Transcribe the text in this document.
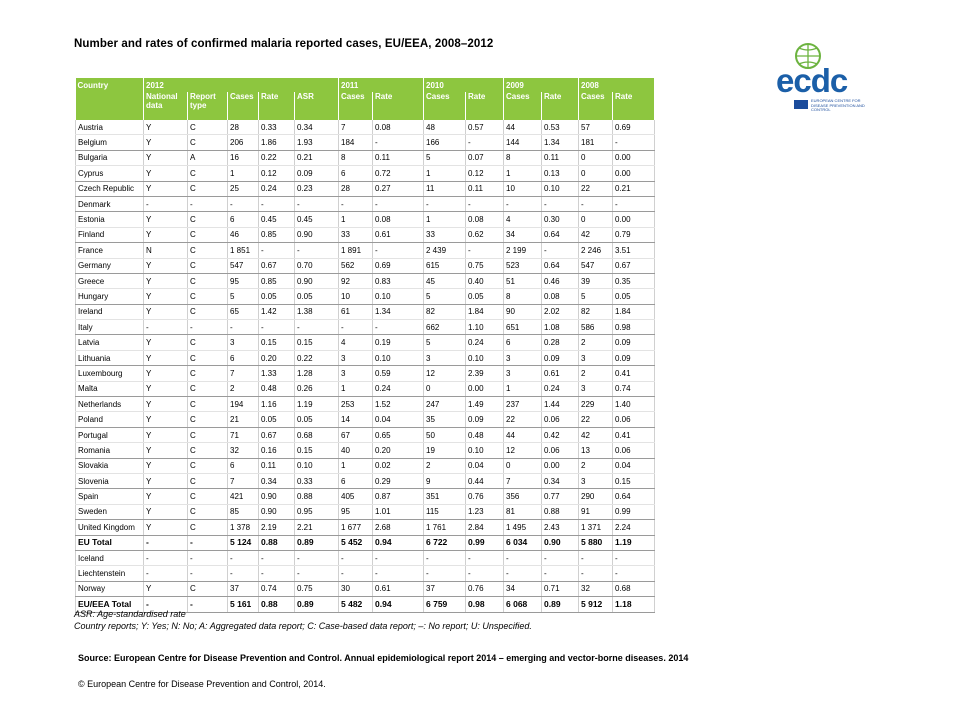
Number and rates of confirmed malaria reported cases, EU/EEA, 2008–2012
ecdc
EUROPEAN CENTRE FOR DISEASE PREVENTION AND CONTROL
Country	2012					2011		2010		2009		2008	
	National data	Report type	Cases	Rate	ASR	Cases	Rate	Cases	Rate	Cases	Rate	Cases	Rate
Austria	Y	C	28	0.33	0.34	7	0.08	48	0.57	44	0.53	57	0.69
Belgium	Y	C	206	1.86	1.93	184	-	166	-	144	1.34	181	-
Bulgaria	Y	A	16	0.22	0.21	8	0.11	5	0.07	8	0.11	0	0.00
Cyprus	Y	C	1	0.12	0.09	6	0.72	1	0.12	1	0.13	0	0.00
Czech Republic	Y	C	25	0.24	0.23	28	0.27	11	0.11	10	0.10	22	0.21
Denmark	-	-	-	-	-	-	-	-	-	-	-	-	-
Estonia	Y	C	6	0.45	0.45	1	0.08	1	0.08	4	0.30	0	0.00
Finland	Y	C	46	0.85	0.90	33	0.61	33	0.62	34	0.64	42	0.79
France	N	C	1 851	-	-	1 891	-	2 439	-	2 199	-	2 246	3.51
Germany	Y	C	547	0.67	0.70	562	0.69	615	0.75	523	0.64	547	0.67
Greece	Y	C	95	0.85	0.90	92	0.83	45	0.40	51	0.46	39	0.35
Hungary	Y	C	5	0.05	0.05	10	0.10	5	0.05	8	0.08	5	0.05
Ireland	Y	C	65	1.42	1.38	61	1.34	82	1.84	90	2.02	82	1.84
Italy	-	-	-	-	-	-	-	662	1.10	651	1.08	586	0.98
Latvia	Y	C	3	0.15	0.15	4	0.19	5	0.24	6	0.28	2	0.09
Lithuania	Y	C	6	0.20	0.22	3	0.10	3	0.10	3	0.09	3	0.09
Luxembourg	Y	C	7	1.33	1.28	3	0.59	12	2.39	3	0.61	2	0.41
Malta	Y	C	2	0.48	0.26	1	0.24	0	0.00	1	0.24	3	0.74
Netherlands	Y	C	194	1.16	1.19	253	1.52	247	1.49	237	1.44	229	1.40
Poland	Y	C	21	0.05	0.05	14	0.04	35	0.09	22	0.06	22	0.06
Portugal	Y	C	71	0.67	0.68	67	0.65	50	0.48	44	0.42	42	0.41
Romania	Y	C	32	0.16	0.15	40	0.20	19	0.10	12	0.06	13	0.06
Slovakia	Y	C	6	0.11	0.10	1	0.02	2	0.04	0	0.00	2	0.04
Slovenia	Y	C	7	0.34	0.33	6	0.29	9	0.44	7	0.34	3	0.15
Spain	Y	C	421	0.90	0.88	405	0.87	351	0.76	356	0.77	290	0.64
Sweden	Y	C	85	0.90	0.95	95	1.01	115	1.23	81	0.88	91	0.99
United Kingdom	Y	C	1 378	2.19	2.21	1 677	2.68	1 761	2.84	1 495	2.43	1 371	2.24
EU Total	-	-	5 124	0.88	0.89	5 452	0.94	6 722	0.99	6 034	0.90	5 880	1.19
Iceland	-	-	-	-	-	-	-	-	-	-	-	-	-
Liechtenstein	-	-	-	-	-	-	-	-	-	-	-	-	-
Norway	Y	C	37	0.74	0.75	30	0.61	37	0.76	34	0.71	32	0.68
EU/EEA Total	-	-	5 161	0.88	0.89	5 482	0.94	6 759	0.98	6 068	0.89	5 912	1.18
ASR: Age-standardised rate
Country reports; Y: Yes; N: No; A: Aggregated data report; C: Case-based data report; –: No report; U: Unspecified.
Source: European Centre for Disease Prevention and Control. Annual epidemiological report 2014 – emerging and vector-borne diseases. 2014
© European Centre for Disease Prevention and Control, 2014.
